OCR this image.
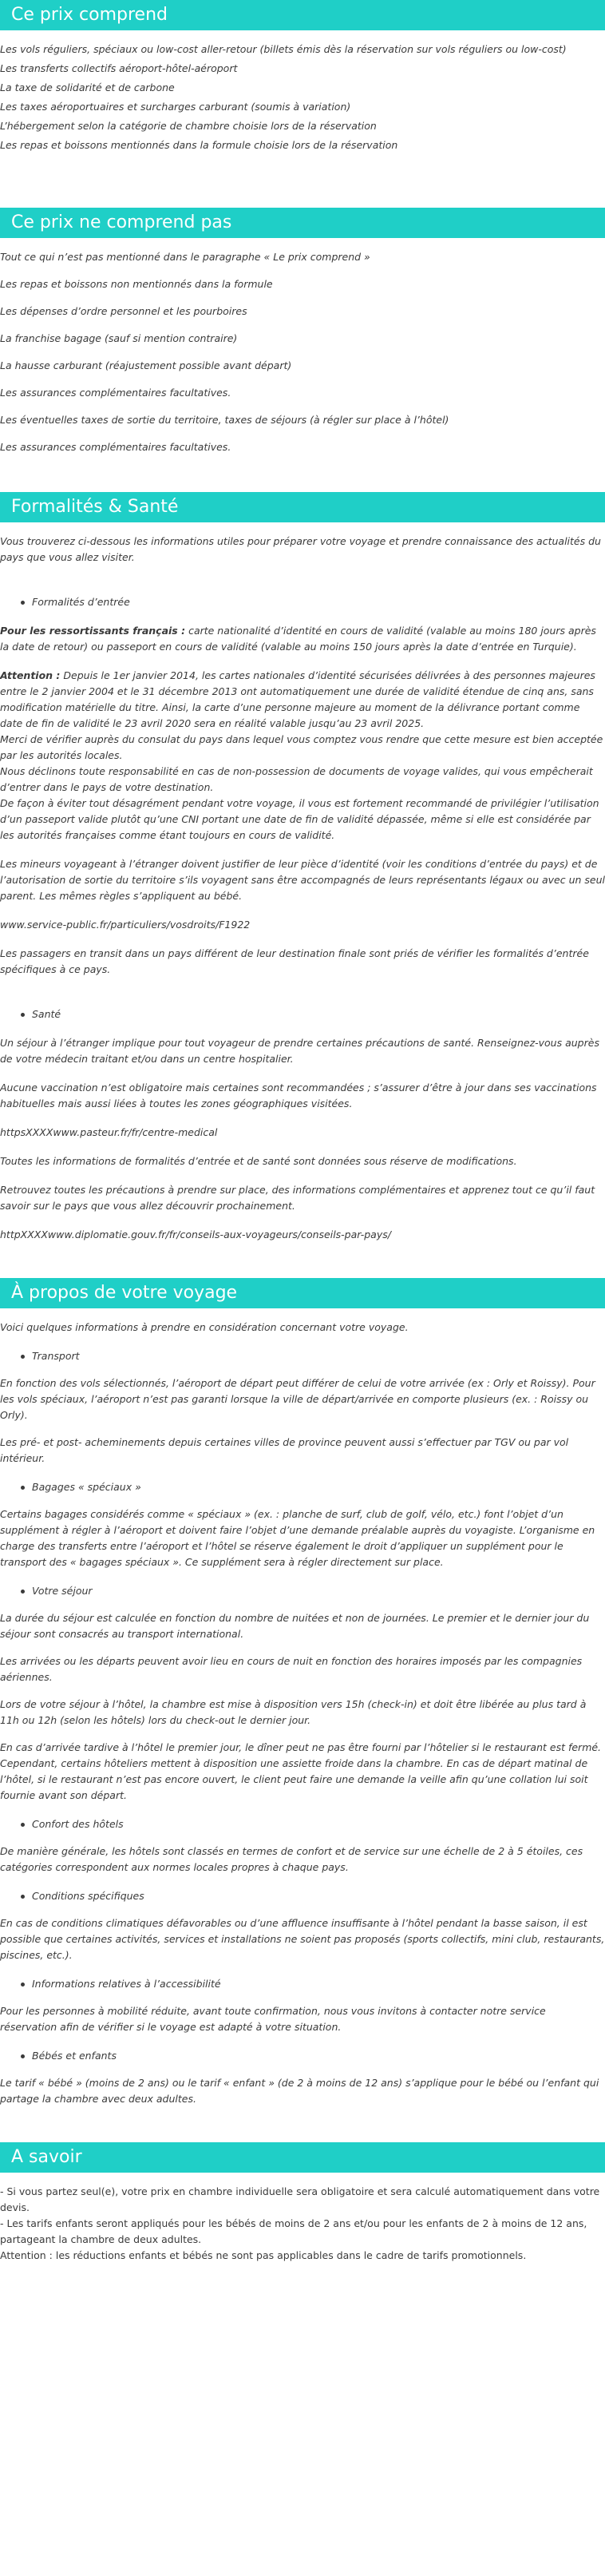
Ce prix comprend

Les vols réguliers, spéciaux ou low-cost aller-retour (billets émis dès la réservation sur vols réguliers ou low-cost)

Les transferts collectifs aéroport-hôtel-aéroport

La taxe de solidarité et de carbone

Les taxes aéroportuaires et surcharges carburant (soumis à variation)

L’hébergement selon la catégorie de chambre choisie lors de la réservation

Les repas et boissons mentionnés dans la formule choisie lors de la réservation

Ce prix ne comprend pas

Tout ce qui n’est pas mentionné dans le paragraphe « Le prix comprend »

Les repas et boissons non mentionnés dans la formule

Les dépenses d’ordre personnel et les pourboires

La franchise bagage (sauf si mention contraire)

La hausse carburant (réajustement possible avant départ)

Les assurances complémentaires facultatives.

Les éventuelles taxes de sortie du territoire, taxes de séjours (à régler sur place à l’hôtel)

Les assurances complémentaires facultatives.

Formalités & Santé

Vous trouverez ci-dessous les informations utiles pour préparer votre voyage et prendre connaissance des actualités du pays que vous allez visiter.

Formalités d’entrée

Pour les ressortissants français : carte nationalité d’identité en cours de validité (valable au moins 180 jours après la date de retour) ou passeport en cours de validité (valable au moins 150 jours après la date d’entrée en Turquie).

Attention : Depuis le 1er janvier 2014, les cartes nationales d’identité sécurisées délivrées à des personnes majeures entre le 2 janvier 2004 et le 31 décembre 2013 ont automatiquement une durée de validité étendue de cinq ans, sans modification matérielle du titre. Ainsi, la carte d’une personne majeure au moment de la délivrance portant comme date de fin de validité le 23 avril 2020 sera en réalité valable jusqu’au 23 avril 2025.

Merci de vérifier auprès du consulat du pays dans lequel vous comptez vous rendre que cette mesure est bien acceptée par les autorités locales.

Nous déclinons toute responsabilité en cas de non-possession de documents de voyage valides, qui vous empêcherait d’entrer dans le pays de votre destination.

De façon à éviter tout désagrément pendant votre voyage, il vous est fortement recommandé de privilégier l’utilisation d’un passeport valide plutôt qu’une CNI portant une date de fin de validité dépassée, même si elle est considérée par les autorités françaises comme étant toujours en cours de validité.

Les mineurs voyageant à l’étranger doivent justifier de leur pièce d’identité (voir les conditions d’entrée du pays) et de l’autorisation de sortie du territoire s’ils voyagent sans être accompagnés de leurs représentants légaux ou avec un seul parent. Les mêmes règles s’appliquent au bébé.

www.service-public.fr/particuliers/vosdroits/F1922

Les passagers en transit dans un pays différent de leur destination finale sont priés de vérifier les formalités d’entrée spécifiques à ce pays.

Santé

Un séjour à l’étranger implique pour tout voyageur de prendre certaines précautions de santé. Renseignez-vous auprès de votre médecin traitant et/ou dans un centre hospitalier.

Aucune vaccination n’est obligatoire mais certaines sont recommandées ; s’assurer d’être à jour dans ses vaccinations habituelles mais aussi liées à toutes les zones géographiques visitées.

httpsXXXXwww.pasteur.fr/fr/centre-medical

Toutes les informations de formalités d’entrée et de santé sont données sous réserve de modifications.

Retrouvez toutes les précautions à prendre sur place, des informations complémentaires et apprenez tout ce qu’il faut savoir sur le pays que vous allez découvrir prochainement.

httpXXXXwww.diplomatie.gouv.fr/fr/conseils-aux-voyageurs/conseils-par-pays/

À propos de votre voyage

Voici quelques informations à prendre en considération concernant votre voyage.

Transport

En fonction des vols sélectionnés, l’aéroport de départ peut différer de celui de votre arrivée (ex : Orly et Roissy). Pour les vols spéciaux, l’aéroport n’est pas garanti lorsque la ville de départ/arrivée en comporte plusieurs (ex. : Roissy ou Orly).

Les pré- et post- acheminements depuis certaines villes de province peuvent aussi s’effectuer par TGV ou par vol intérieur.

Bagages « spéciaux »

Certains bagages considérés comme « spéciaux » (ex. : planche de surf, club de golf, vélo, etc.) font l’objet d’un supplément à régler à l’aéroport et doivent faire l’objet d’une demande préalable auprès du voyagiste. L’organisme en charge des transferts entre l’aéroport et l’hôtel se réserve également le droit d’appliquer un supplément pour le transport des « bagages spéciaux ». Ce supplément sera à régler directement sur place.

Votre séjour

La durée du séjour est calculée en fonction du nombre de nuitées et non de journées. Le premier et le dernier jour du séjour sont consacrés au transport international.

Les arrivées ou les départs peuvent avoir lieu en cours de nuit en fonction des horaires imposés par les compagnies aériennes.

Lors de votre séjour à l’hôtel, la chambre est mise à disposition vers 15h (check-in) et doit être libérée au plus tard à 11h ou 12h (selon les hôtels) lors du check-out le dernier jour.

En cas d’arrivée tardive à l’hôtel le premier jour, le dîner peut ne pas être fourni par l’hôtelier si le restaurant est fermé. Cependant, certains hôteliers mettent à disposition une assiette froide dans la chambre. En cas de départ matinal de l’hôtel, si le restaurant n’est pas encore ouvert, le client peut faire une demande la veille afin qu’une collation lui soit fournie avant son départ.

Confort des hôtels

De manière générale, les hôtels sont classés en termes de confort et de service sur une échelle de 2 à 5 étoiles, ces catégories correspondent aux normes locales propres à chaque pays.

Conditions spécifiques

En cas de conditions climatiques défavorables ou d’une affluence insuffisante à l’hôtel pendant la basse saison, il est possible que certaines activités, services et installations ne soient pas proposés (sports collectifs, mini club, restaurants, piscines, etc.).

Informations relatives à l’accessibilité

Pour les personnes à mobilité réduite, avant toute confirmation, nous vous invitons à contacter notre service réservation afin de vérifier si le voyage est adapté à votre situation.

Bébés et enfants

Le tarif « bébé » (moins de 2 ans) ou le tarif « enfant » (de 2 à moins de 12 ans) s’applique pour le bébé ou l’enfant qui partage la chambre avec deux adultes.

A savoir

- Si vous partez seul(e), votre prix en chambre individuelle sera obligatoire et sera calculé automatiquement dans votre devis.

- Les tarifs enfants seront appliqués pour les bébés de moins de 2 ans et/ou pour les enfants de 2 à moins de 12 ans, partageant la chambre de deux adultes.

Attention : les réductions enfants et bébés ne sont pas applicables dans le cadre de tarifs promotionnels.
